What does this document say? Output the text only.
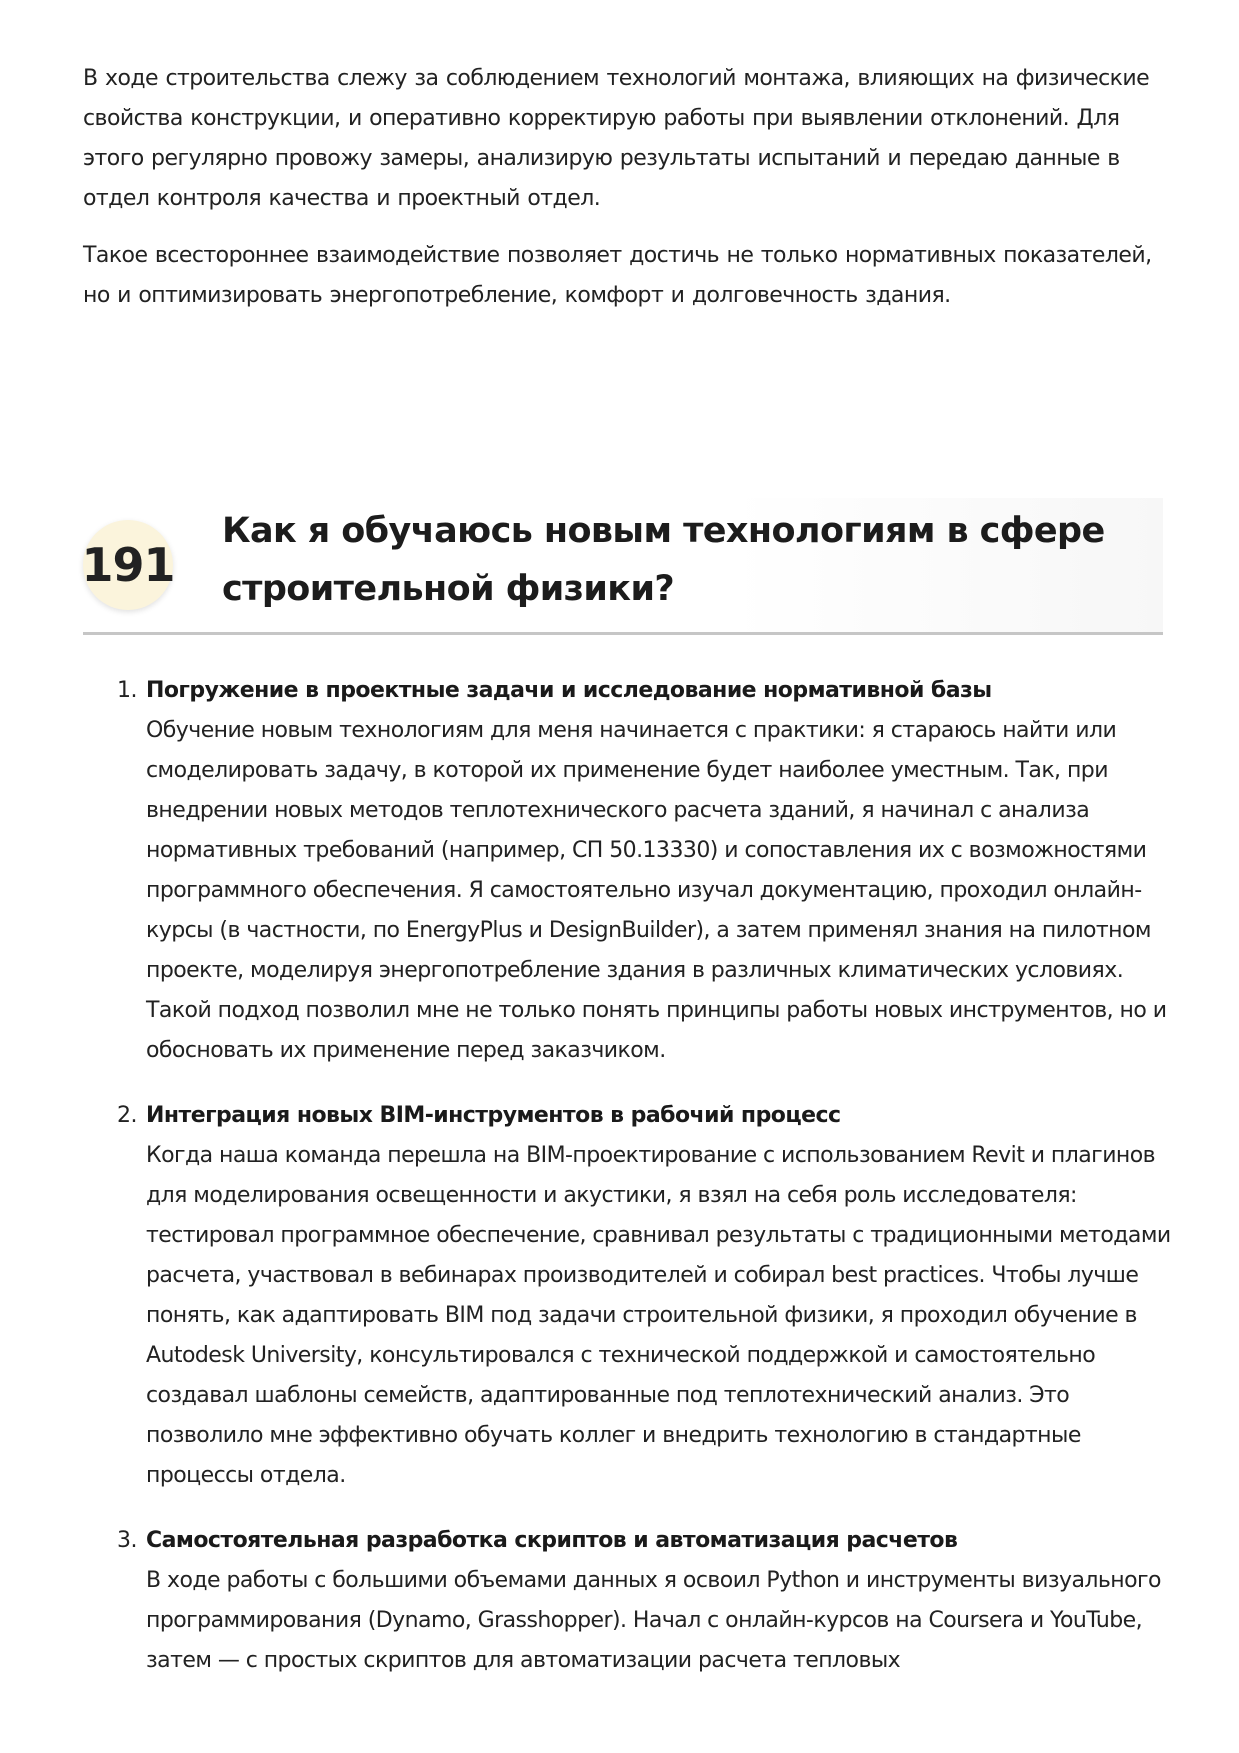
В ходе строительства слежу за соблюдением технологий монтажа, влияющих на физические свойства конструкции, и оперативно корректирую работы при выявлении отклонений. Для этого регулярно провожу замеры, анализирую результаты испытаний и передаю данные в отдел контроля качества и проектный отдел.

Такое всестороннее взаимодействие позволяет достичь не только нормативных показателей, но и оптимизировать энергопотребление, комфорт и долговечность здания.

191
Как я обучаюсь новым технологиям в сфере строительной физики?
1. Погружение в проектные задачи и исследование нормативной базы
Обучение новым технологиям для меня начинается с практики: я стараюсь найти или смоделировать задачу, в которой их применение будет наиболее уместным. Так, при внедрении новых методов теплотехнического расчета зданий, я начинал с анализа нормативных требований (например, СП 50.13330) и сопоставления их с возможностями программного обеспечения. Я самостоятельно изучал документацию, проходил онлайн-курсы (в частности, по EnergyPlus и DesignBuilder), а затем применял знания на пилотном проекте, моделируя энергопотребление здания в различных климатических условиях. Такой подход позволил мне не только понять принципы работы новых инструментов, но и обосновать их применение перед заказчиком.
2. Интеграция новых BIM-инструментов в рабочий процесс
Когда наша команда перешла на BIM-проектирование с использованием Revit и плагинов для моделирования освещенности и акустики, я взял на себя роль исследователя: тестировал программное обеспечение, сравнивал результаты с традиционными методами расчета, участвовал в вебинарах производителей и собирал best practices. Чтобы лучше понять, как адаптировать BIM под задачи строительной физики, я проходил обучение в Autodesk University, консультировался с технической поддержкой и самостоятельно создавал шаблоны семейств, адаптированные под теплотехнический анализ. Это позволило мне эффективно обучать коллег и внедрить технологию в стандартные процессы отдела.
3. Самостоятельная разработка скриптов и автоматизация расчетов
В ходе работы с большими объемами данных я освоил Python и инструменты визуального программирования (Dynamo, Grasshopper). Начал с онлайн-курсов на Coursera и YouTube, затем — с простых скриптов для автоматизации расчета тепловых
